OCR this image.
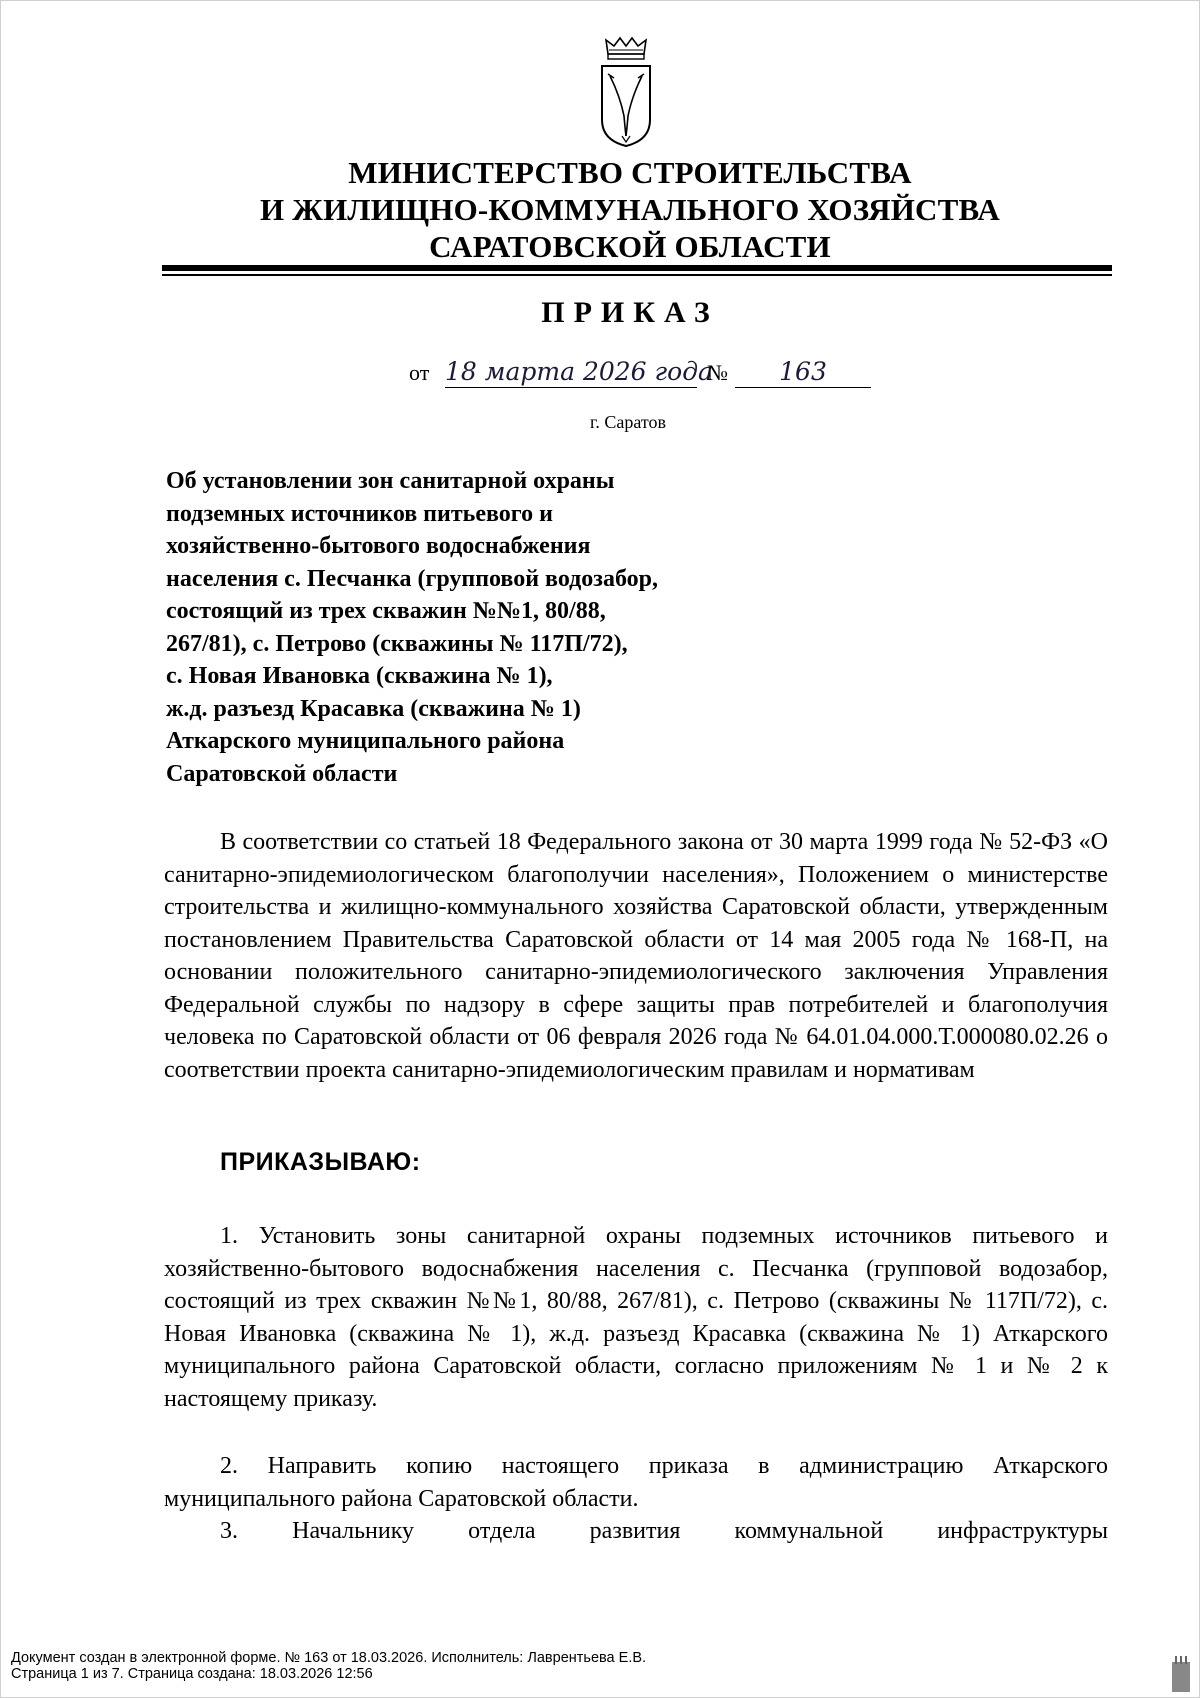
МИНИСТЕРСТВО СТРОИТЕЛЬСТВА
И ЖИЛИЩНО-КОММУНАЛЬНОГО ХОЗЯЙСТВА
САРАТОВСКОЙ ОБЛАСТИ
ПРИКАЗ
от 18 марта 2026 года
№	163
г. Саратов
Об установлении зон санитарной охраны
подземных источников питьевого и
хозяйственно-бытового водоснабжения
населения с. Песчанка (групповой водозабор,
состоящий из трех скважин №№1, 80/88,
267/81), с. Петрово (скважины № 117П/72),
с. Новая Ивановка (скважина № 1),
ж.д. разъезд Красавка (скважина № 1)
Аткарского муниципального района
Саратовской области
В соответствии со статьей 18 Федерального закона от 30 марта 1999 года № 52-ФЗ «О санитарно-эпидемиологическом благополучии населения», Положением о министерстве строительства и жилищно-коммунального хозяйства Саратовской области, утвержденным постановлением Правительства Саратовской области от 14 мая 2005 года № 168-П, на основании положительного санитарно-эпидемиологического заключения Управления Федеральной службы по надзору в сфере защиты прав потребителей и благополучия человека по Саратовской области от 06 февраля 2026 года № 64.01.04.000.Т.000080.02.26 о соответствии проекта санитарно-эпидемиологическим правилам и нормативам
ПРИКАЗЫВАЮ:
1. Установить зоны санитарной охраны подземных источников питьевого и хозяйственно-бытового водоснабжения населения с. Песчанка (групповой водозабор, состоящий из трех скважин №№1, 80/88, 267/81), с. Петрово (скважины № 117П/72), с. Новая Ивановка (скважина № 1), ж.д. разъезд Красавка (скважина № 1) Аткарского муниципального района Саратовской области, согласно приложениям № 1 и № 2 к настоящему приказу.
2. Направить копию настоящего приказа в администрацию Аткарского муниципального района Саратовской области.
3. Начальнику отдела развития коммунальной инфраструктуры
Документ создан в электронной форме. № 163 от 18.03.2026. Исполнитель: Лаврентьева Е.В.
Страница 1 из 7. Страница создана: 18.03.2026 12:56
